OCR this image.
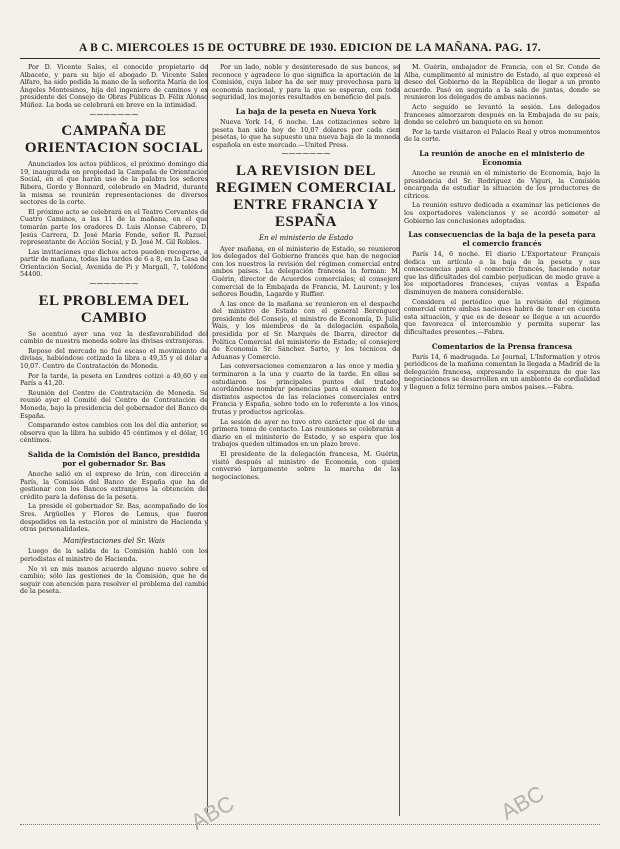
A B C. MIERCOLES 15 DE OCTUBRE DE 1930. EDICION DE LA MAÑANA. PAG. 17.

Por D. Vicente Sales, el conocido propietario de Albacete, y para su hijo el abogado D. Vicente Sales Alfaro, ha sido pedida la mano de la señorita María de los Ángeles Montesinos, hija del ingeniero de caminos y ex presidente del Consejo de Obras Públicas D. Félix Alonso Múñoz. La boda se celebrará en breve en la intimidad.

⁓⁓⁓⁓⁓⁓⁓
CAMPAÑA DE ORIENTACION SOCIAL

Anunciados los actos públicos, el próximo domingo día 19, inaugurada en propiedad la Campaña de Orientación Social, en el que harán uso de la palabra los señores Ribera, Gordo y Bonnard, celebrado en Madrid, durante la misma se reunirán representaciones de diversos sectores de la corte.

El próximo acto se celebrará en el Teatro Cervantes de Cuatro Caminos, a las 11 de la mañana, en el que tomarán parte los oradores D. Luis Alonso Cabrero, D. Jesús Carrera, D. José María Fonde, señor R. Pazuel, representante de Acción Social, y D. José M. Gil Robles.

Las invitaciones que dichos actos pueden recogerse, a partir de mañana, todas las tardes de 6 a 8, en la Casa de Orientación Social, Avenida de Pi y Margall, 7, teléfono 54400.

⁓⁓⁓⁓⁓⁓⁓
EL PROBLEMA DEL CAMBIO

Se acentuó ayer una vez la desfavorabilidad del cambio de nuestra moneda sobre las divisas extranjeras.

Reposo del mercado no fué escaso el movimiento de divisas, habiéndose cotizado la libra a 49,35 y el dólar a 10,07. Centro de Contratación de Moneda.

Por la tarde, la peseta en Londres cotizó a 49,60 y en París a 41,20.

Reunión del Centro de Contratación de Moneda. Se reunió ayer el Comité del Centro de Contratación de Moneda, bajo la presidencia del gobernador del Banco de España.

Comparando estos cambios con los del día anterior, se observa que la libra ha subido 45 céntimos y el dólar, 10 céntimos.

Salida de la Comisión del Banco, presidida por el gobernador Sr. Bas

Anoche salió en el expreso de Irún, con dirección a París, la Comisión del Banco de España que ha de gestionar con los Bancos extranjeros la obtención del crédito para la defensa de la peseta.

La preside el gobernador Sr. Bas, acompañado de los Sres. Argüelles y Flores de Lemus, que fueron despedidos en la estación por el ministro de Hacienda y otras personalidades.

Manifestaciones del Sr. Wais

Luego de la salida de la Comisión habló con los periodistas el ministro de Hacienda.

No vi en mis manos acuerdo alguno nuevo sobre el cambio; sólo las gestiones de la Comisión, que he de seguir con atención para resolver el problema del cambio de la peseta.

Por un lado, noble y desinteresado de sus bancos, se reconoce y agradece lo que significa la aportación de la Comisión, cuya labor ha de ser muy provechosa para la economía nacional, y para la que se esperan, con toda seguridad, los mejores resultados en beneficio del país.

La baja de la peseta en Nueva York

Nueva York 14, 6 noche. Las cotizaciones sobre la peseta han sido hoy de 10,07 dólares por cada cien pesetas, lo que ha supuesto una nueva baja de la moneda española en este mercado.—United Press.

⁓⁓⁓⁓⁓⁓⁓
LA REVISION DEL REGIMEN COMERCIAL ENTRE FRANCIA Y ESPAÑA
En el ministerio de Estado

Ayer mañana, en el ministerio de Estado, se reunieron los delegados del Gobierno francés que han de negociar con los nuestros la revisión del régimen comercial entre ambos países. La delegación francesa la forman: M. Guérin, director de Acuerdos comerciales; el consejero comercial de la Embajada de Francia, M. Laurent; y los señores Boudin, Lagarde y Ruffier.

A las once de la mañana se reunieron en el despacho del ministro de Estado con el general Berenguer, presidente del Consejo, el ministro de Economía, D. Julio Wais, y los miembros de la delegación española, presidida por el Sr. Marqués de Ibarra, director de Política Comercial del ministerio de Estado; el consejero de Economía Sr. Sánchez Sarto, y los técnicos de Aduanas y Comercio.

Las conversaciones comenzaron a las once y media y terminaron a la una y cuarto de la tarde. En ellas se estudiaron los principales puntos del tratado, acordándose nombrar ponencias para el examen de los distintos aspectos de las relaciones comerciales entre Francia y España, sobre todo en lo referente a los vinos, frutas y productos agrícolas.

La sesión de ayer no tuvo otro carácter que el de una primera toma de contacto. Las reuniones se celebrarán a diario en el ministerio de Estado, y se espera que los trabajos queden ultimados en un plazo breve.

El presidente de la delegación francesa, M. Guérin, visitó después al ministro de Economía, con quien conversó largamente sobre la marcha de las negociaciones.

M. Guérin, embajador de Francia, con el Sr. Conde de Alba, cumplimentó al ministro de Estado, al que expresó el deseo del Gobierno de la República de llegar a un pronto acuerdo. Pasó en seguida a la sala de juntas, donde se reunieron los delegados de ambas naciones.

Acto seguido se levantó la sesión. Los delegados franceses almorzaron después en la Embajada de su país, donde se celebró un banquete en su honor.

Por la tarde visitaron el Palacio Real y otros monumentos de la corte.

La reunión de anoche en el ministerio de Economía

Anoche se reunió en el ministerio de Economía, bajo la presidencia del Sr. Rodríguez de Viguri, la Comisión encargada de estudiar la situación de los productores de cítricos.

La reunión estuvo dedicada a examinar las peticiones de los exportadores valencianos y se acordó someter al Gobierno las conclusiones adoptadas.

Las consecuencias de la baja de la peseta para el comercio francés

París 14, 6 noche. El diario L'Exportateur Français dedica un artículo a la baja de la peseta y sus consecuencias para el comercio francés, haciendo notar que las dificultades del cambio perjudican de modo grave a los exportadores franceses, cuyas ventas a España disminuyen de manera considerable.

Considera el periódico que la revisión del régimen comercial entre ambas naciones habrá de tener en cuenta esta situación, y que es de desear se llegue a un acuerdo que favorezca el intercambio y permita superar las dificultades presentes.—Fabra.

Comentarios de la Prensa francesa

París 14, 6 madrugada. Le Journal, L'Information y otros periódicos de la mañana comentan la llegada a Madrid de la delegación francesa, expresando la esperanza de que las negociaciones se desarrollen en un ambiente de cordialidad y lleguen a feliz término para ambos países.—Fabra.

ABC	ABC
